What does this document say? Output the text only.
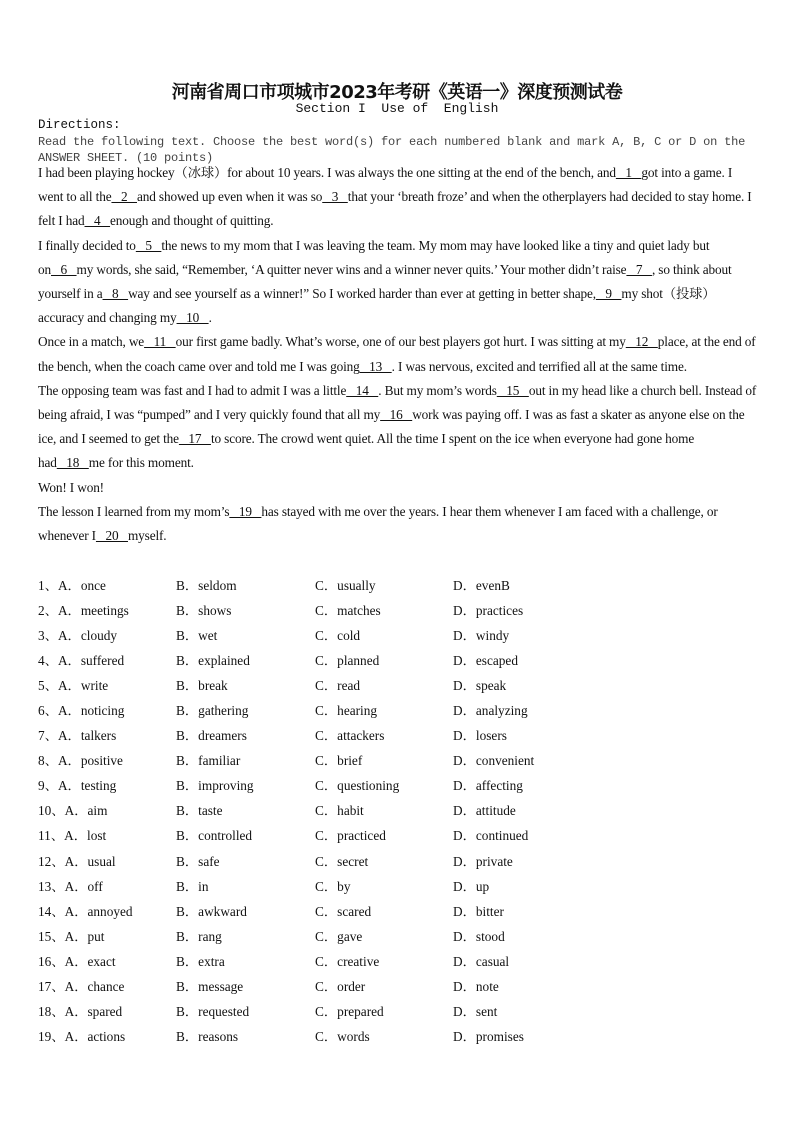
河南省周口市项城市2023年考研《英语一》深度预测试卷
Section I  Use of  English
Directions:
Read the following text. Choose the best word(s) for each numbered blank and mark A, B, C or D on the ANSWER SHEET. (10 points)

I had been playing hockey（冰球）for about 10 years. I was always the one sitting at the end of the bench, and   1   got into a game. I went to all the   2   and showed up even when it was so   3   that your ‘breath froze’ and when the otherplayers had decided to stay home. I felt I had   4   enough and thought of quitting.

I finally decided to   5   the news to my mom that I was leaving the team. My mom may have looked like a tiny and quiet lady but on   6   my words, she said, “Remember, ‘A quitter never wins and a winner never quits.’ Your mother didn’t raise   7   , so think about yourself in a   8   way and see yourself as a winner!” So I worked harder than ever at getting in better shape,   9   my shot（投球） accuracy and changing my   10   .

Once in a match, we   11   our first game badly. What’s worse, one of our best players got hurt. I was sitting at my   12   place, at the end of the bench, when the coach came over and told me I was going   13   . I was nervous, excited and terrified all at the same time.

The opposing team was fast and I had to admit I was a little   14   . But my mom’s words   15   out in my head like a church bell. Instead of being afraid, I was “pumped” and I very quickly found that all my   16   work was paying off. I was as fast a skater as anyone else on the ice, and I seemed to get the   17   to score. The crowd went quiet. All the time I spent on the ice when everyone had gone home had   18   me for this moment.

Won! I won!

The lesson I learned from my mom’s   19   has stayed with me over the years. I hear them whenever I am faced with a challenge, or whenever I   20   myself.

1、A．once	B．seldom	C．usually	D．evenB
2、A．meetings	B．shows	C．matches	D．practices
3、A．cloudy	B．wet	C．cold	D．windy
4、A．suffered	B．explained	C．planned	D．escaped
5、A．write	B．break	C．read	D．speak
6、A．noticing	B．gathering	C．hearing	D．analyzing
7、A．talkers	B．dreamers	C．attackers	D．losers
8、A．positive	B．familiar	C．brief	D．convenient
9、A．testing	B．improving	C．questioning	D．affecting
10、A．aim	B．taste	C．habit	D．attitude
11、A．lost	B．controlled	C．practiced	D．continued
12、A．usual	B．safe	C．secret	D．private
13、A．off	B．in	C．by	D．up
14、A．annoyed	B．awkward	C．scared	D．bitter
15、A．put	B．rang	C．gave	D．stood
16、A．exact	B．extra	C．creative	D．casual
17、A．chance	B．message	C．order	D．note
18、A．spared	B．requested	C．prepared	D．sent
19、A．actions	B．reasons	C．words	D．promises
